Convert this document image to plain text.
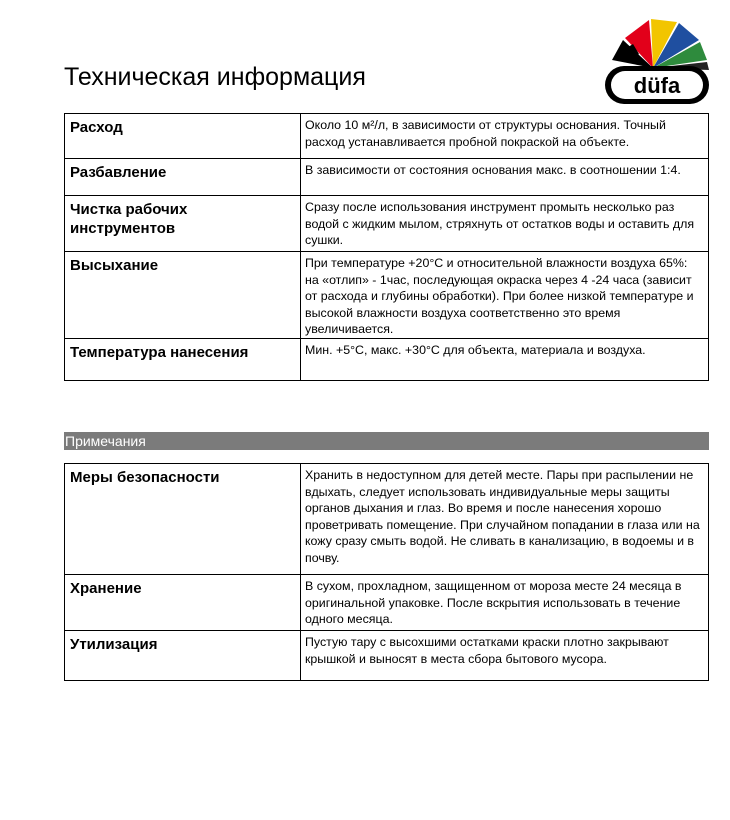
Техническая информация	düfa
Расход	Около 10 м²/л, в зависимости от структуры основания. Точный расход устанавливается пробной покраской на объекте.
Разбавление	В зависимости от состояния основания макс. в соотношении 1:4.
Чистка рабочих инструментов	Сразу после использования инструмент промыть несколько раз водой с жидким мылом, стряхнуть от остатков воды и оставить для сушки.
Высыхание	При температуре +20°С и относительной влажности воздуха 65%: на «отлип» - 1час, последующая окраска через 4 -24 часа (зависит от расхода и глубины обработки). При более низкой температуре и высокой влажности воздуха соответственно это время увеличивается.
Температура нанесения	Мин. +5°С, макс. +30°С для объекта, материала и воздуха.
Примечания
Меры безопасности	Хранить в недоступном для детей месте. Пары при распылении не вдыхать, следует использовать индивидуальные меры защиты органов дыхания и глаз. Во время и после нанесения хорошо проветривать помещение. При случайном попадании в глаза или на кожу сразу смыть водой. Не сливать в канализацию, в водоемы и в почву.
Хранение	В сухом, прохладном, защищенном от мороза месте 24 месяца в оригинальной упаковке. После вскрытия использовать в течение одного месяца.
Утилизация	Пустую тару с высохшими остатками краски плотно закрывают крышкой и выносят в места сбора бытового мусора.
